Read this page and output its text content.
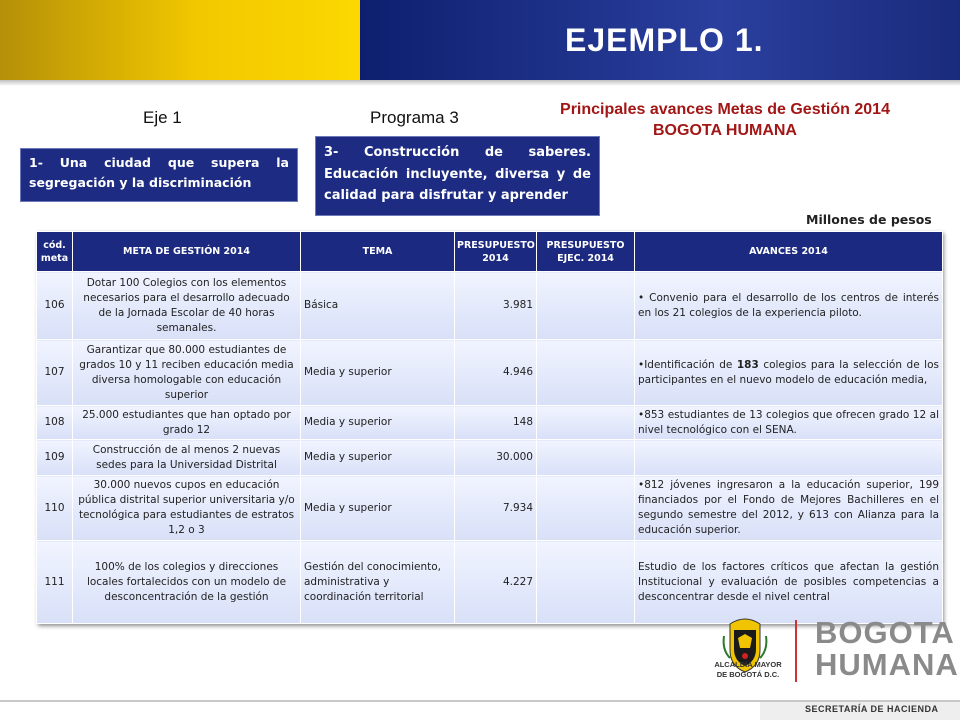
EJEMPLO 1.
Eje 1	Programa 3	Principales avances Metas de Gestión 2014
BOGOTA HUMANA
1- Una ciudad que supera la segregación y la discriminación
3- Construcción de saberes. Educación incluyente, diversa y de calidad para disfrutar y aprender
Millones de pesos
cód. meta	META DE GESTIÓN 2014	TEMA	PRESUPUESTO 2014	PRESUPUESTO EJEC. 2014	AVANCES 2014
106	Dotar 100 Colegios con los elementos necesarios para el desarrollo adecuado de la Jornada Escolar de 40 horas semanales.	Básica	3.981		• Convenio para el desarrollo de los centros de interés en los 21 colegios de la experiencia piloto.
107	Garantizar que 80.000 estudiantes de grados 10 y 11 reciben educación media diversa homologable con educación superior	Media y superior	4.946		•Identificación de 183 colegios para la selección de los participantes en el nuevo modelo de educación media,
108	25.000 estudiantes que han optado por grado 12	Media y superior	148		•853 estudiantes de 13 colegios que ofrecen grado 12 al nivel tecnológico con el SENA.
109	Construcción de al menos 2 nuevas sedes para la Universidad Distrital	Media y superior	30.000		
110	30.000 nuevos cupos en educación pública distrital superior universitaria y/o tecnológica para estudiantes de estratos 1,2 o 3	Media y superior	7.934		•812 jóvenes ingresaron a la educación superior, 199 financiados por el Fondo de Mejores Bachilleres en el segundo semestre del 2012, y 613 con Alianza para la educación superior.
111	100% de los colegios y direcciones locales fortalecidos con un modelo de desconcentración de la gestión	Gestión del conocimiento, administrativa y coordinación territorial	4.227		Estudio de los factores críticos que afectan la gestión Institucional y evaluación de posibles competencias a desconcentrar desde el nivel central
ALCALDÍA MAYOR
DE BOGOTÁ D.C.
BOGOTA
HUMANA
SECRETARÍA DE HACIENDA
